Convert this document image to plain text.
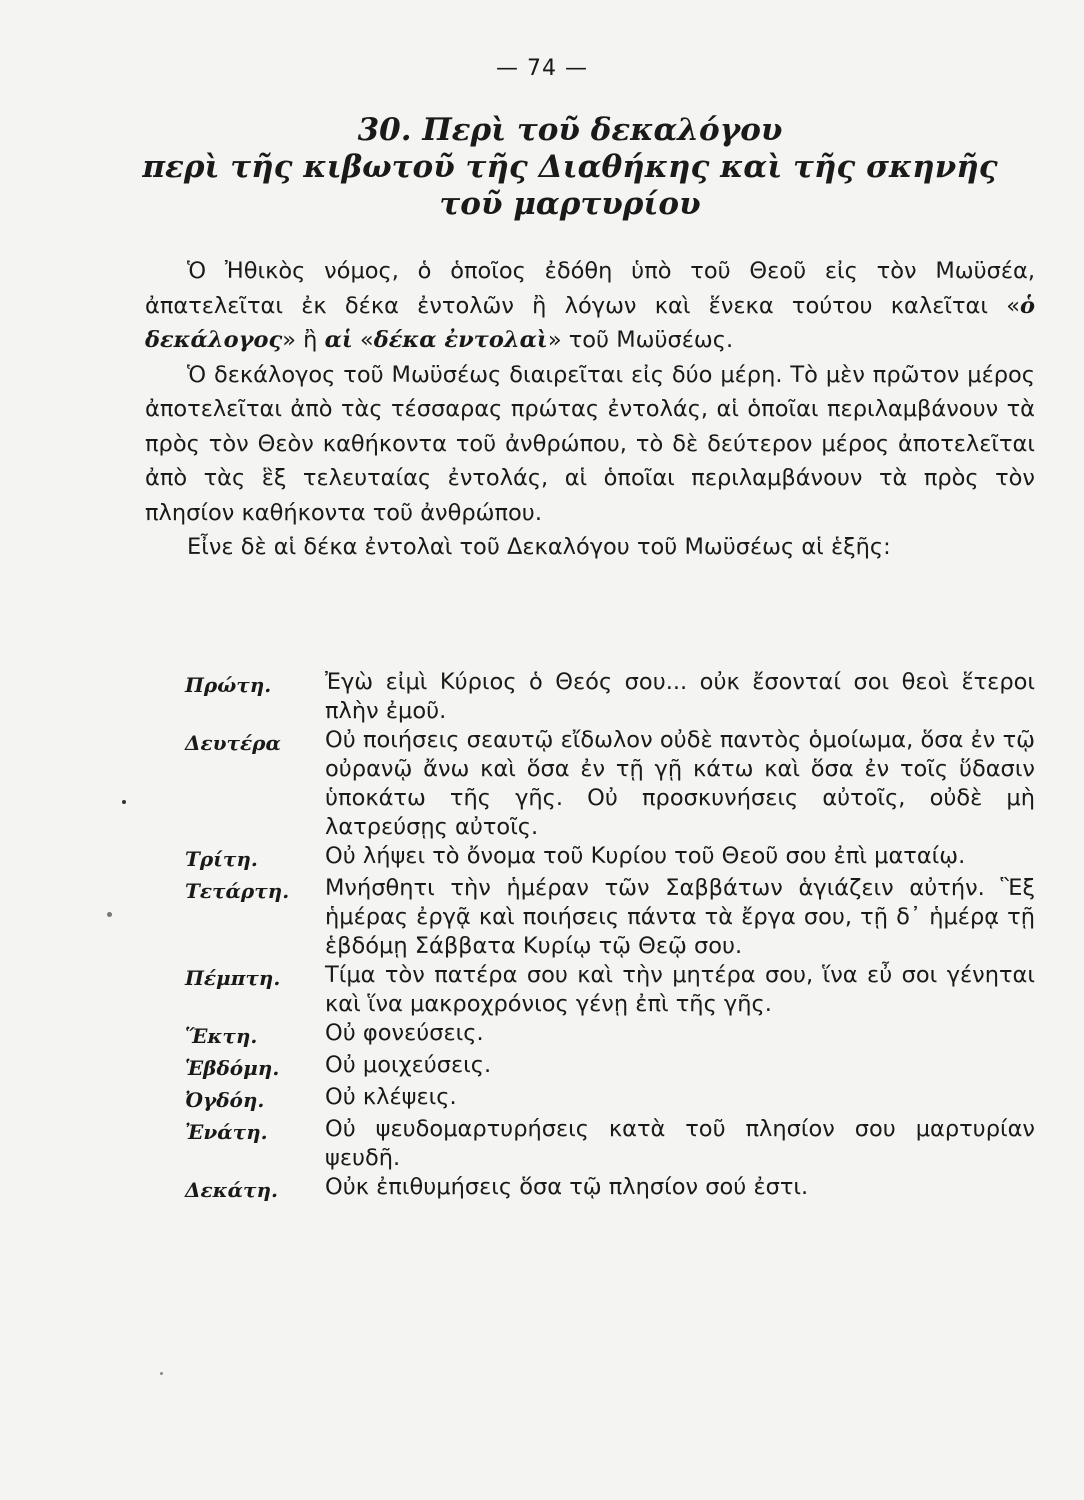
— 74 —
30. Περὶ τοῦ δεκαλόγου
περὶ τῆς κιβωτοῦ τῆς Διαθήκης καὶ τῆς σκηνῆς
τοῦ μαρτυρίου

Ὁ Ἠθικὸς νόμος, ὁ ὁποῖος ἐδόθη ὑπὸ τοῦ Θεοῦ εἰς τὸν Μωϋσέα, ἀπατελεῖται ἐκ δέκα ἐντολῶν ἢ λόγων καὶ ἕνεκα τούτου καλεῖται «ὁ δεκάλογος» ἢ αἱ «δέκα ἐντολαὶ» τοῦ Μωϋσέως.

Ὁ δεκάλογος τοῦ Μωϋσέως διαιρεῖται εἰς δύο μέρη. Τὸ μὲν πρῶτον μέρος ἀποτελεῖται ἀπὸ τὰς τέσσαρας πρώτας ἐντολάς, αἱ ὁποῖαι περιλαμβάνουν τὰ πρὸς τὸν Θεὸν καθήκοντα τοῦ ἀνθρώπου, τὸ δὲ δεύτερον μέρος ἀποτελεῖται ἀπὸ τὰς ἓξ τελευταίας ἐντολάς, αἱ ὁποῖαι περιλαμβάνουν τὰ πρὸς τὸν πλησίον καθήκοντα τοῦ ἀνθρώπου.

Εἶνε δὲ αἱ δέκα ἐντολαὶ τοῦ Δεκαλόγου τοῦ Μωϋσέως αἱ ἑξῆς:

Πρώτη.	Ἐγὼ εἰμὶ Κύριος ὁ Θεός σου... οὐκ ἔσονταί σοι θεοὶ ἕτεροι πλὴν ἐμοῦ.
Δευτέρα	Οὐ ποιήσεις σεαυτῷ εἴδωλον οὐδὲ παντὸς ὁμοίωμα, ὅσα ἐν τῷ οὐρανῷ ἄνω καὶ ὅσα ἐν τῇ γῇ κάτω καὶ ὅσα ἐν τοῖς ὕδασιν ὑποκάτω τῆς γῆς. Οὐ προσκυνήσεις αὐτοῖς, οὐδὲ μὴ λατρεύσῃς αὐτοῖς.
Τρίτη.	Οὐ λήψει τὸ ὄνομα τοῦ Κυρίου τοῦ Θεοῦ σου ἐπὶ ματαίῳ.
Τετάρτη.	Μνήσθητι τὴν ἡμέραν τῶν Σαββάτων ἁγιάζειν αὐτήν. Ἓξ ἡμέρας ἐργᾷ καὶ ποιήσεις πάντα τὰ ἔργα σου, τῇ δ᾽ ἡμέρᾳ τῇ ἑβδόμῃ Σάββατα Κυρίῳ τῷ Θεῷ σου.
Πέμπτη.	Τίμα τὸν πατέρα σου καὶ τὴν μητέρα σου, ἵνα εὖ σοι γένηται καὶ ἵνα μακροχρόνιος γένῃ ἐπὶ τῆς γῆς.
Ἕκτη.	Οὐ φονεύσεις.
Ἑβδόμη.	Οὐ μοιχεύσεις.
Ὀγδόη.	Οὐ κλέψεις.
Ἐνάτη.	Οὐ ψευδομαρτυρήσεις κατὰ τοῦ πλησίον σου μαρτυρίαν ψευδῆ.
Δεκάτη.	Οὐκ ἐπιθυμήσεις ὅσα τῷ πλησίον σού ἐστι.
